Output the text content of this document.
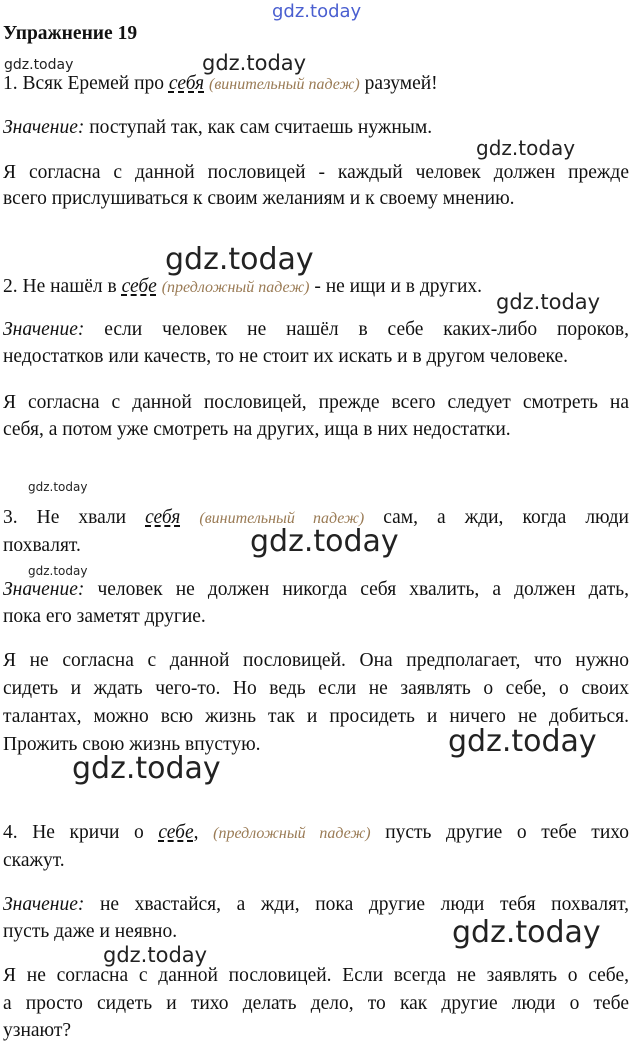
gdz.today
gdz.today
gdz.today
gdz.today
gdz.today
gdz.today
gdz.today
gdz.today
gdz.today
gdz.today
gdz.today
gdz.today
gdz.today
Упражнение 19
1. Всяк Еремей про себя (винительный падеж) разумей!
Значение: поступай так, как сам считаешь нужным.
Я согласна с данной пословицей - каждый человек должен прежде
всего прислушиваться к своим желаниям и к своему мнению.
2. Не нашёл в себе (предложный падеж) - не ищи и в других.
Значение: если человек не нашёл в себе каких-либо пороков,
недостатков или качеств, то не стоит их искать и в другом человеке.
Я согласна с данной пословицей, прежде всего следует смотреть на
себя, а потом уже смотреть на других, ища в них недостатки.
3. Не хвали себя (винительный падеж) сам, а жди, когда люди
похвалят.
Значение: человек не должен никогда себя хвалить, а должен дать,
пока его заметят другие.
Я не согласна с данной пословицей. Она предполагает, что нужно
сидеть и ждать чего-то. Но ведь если не заявлять о себе, о своих
талантах, можно всю жизнь так и просидеть и ничего не добиться.
Прожить свою жизнь впустую.
4. Не кричи о себе, (предложный падеж) пусть другие о тебе тихо
скажут.
Значение: не хвастайся, а жди, пока другие люди тебя похвалят,
пусть даже и неявно.
Я не согласна с данной пословицей. Если всегда не заявлять о себе,
а просто сидеть и тихо делать дело, то как другие люди о тебе
узнают?
